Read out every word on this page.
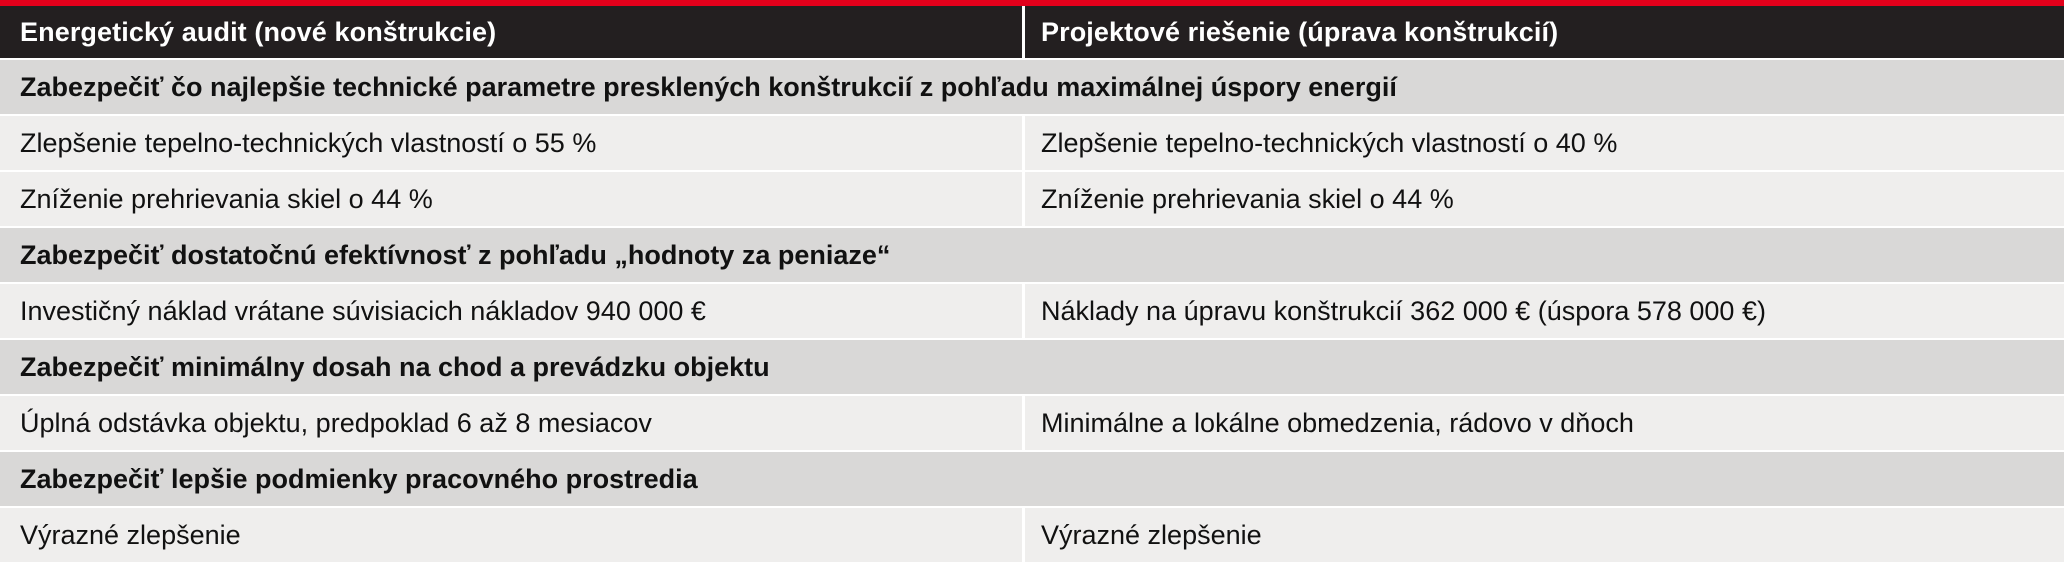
Energetický audit (nové konštrukcie)	Projektové riešenie (úprava konštrukcií)
Zabezpečiť čo najlepšie technické parametre presklených konštrukcií z pohľadu maximálnej úspory energií
Zlepšenie tepelno-technických vlastností o 55 %	Zlepšenie tepelno-technických vlastností o 40 %
Zníženie prehrievania skiel o 44 %	Zníženie prehrievania skiel o 44 %
Zabezpečiť dostatočnú efektívnosť z pohľadu „hodnoty za peniaze“
Investičný náklad vrátane súvisiacich nákladov 940 000 €	Náklady na úpravu konštrukcií 362 000 € (úspora 578 000 €)
Zabezpečiť minimálny dosah na chod a prevádzku objektu
Úplná odstávka objektu, predpoklad 6 až 8 mesiacov	Minimálne a lokálne obmedzenia, rádovo v dňoch
Zabezpečiť lepšie podmienky pracovného prostredia
Výrazné zlepšenie	Výrazné zlepšenie
